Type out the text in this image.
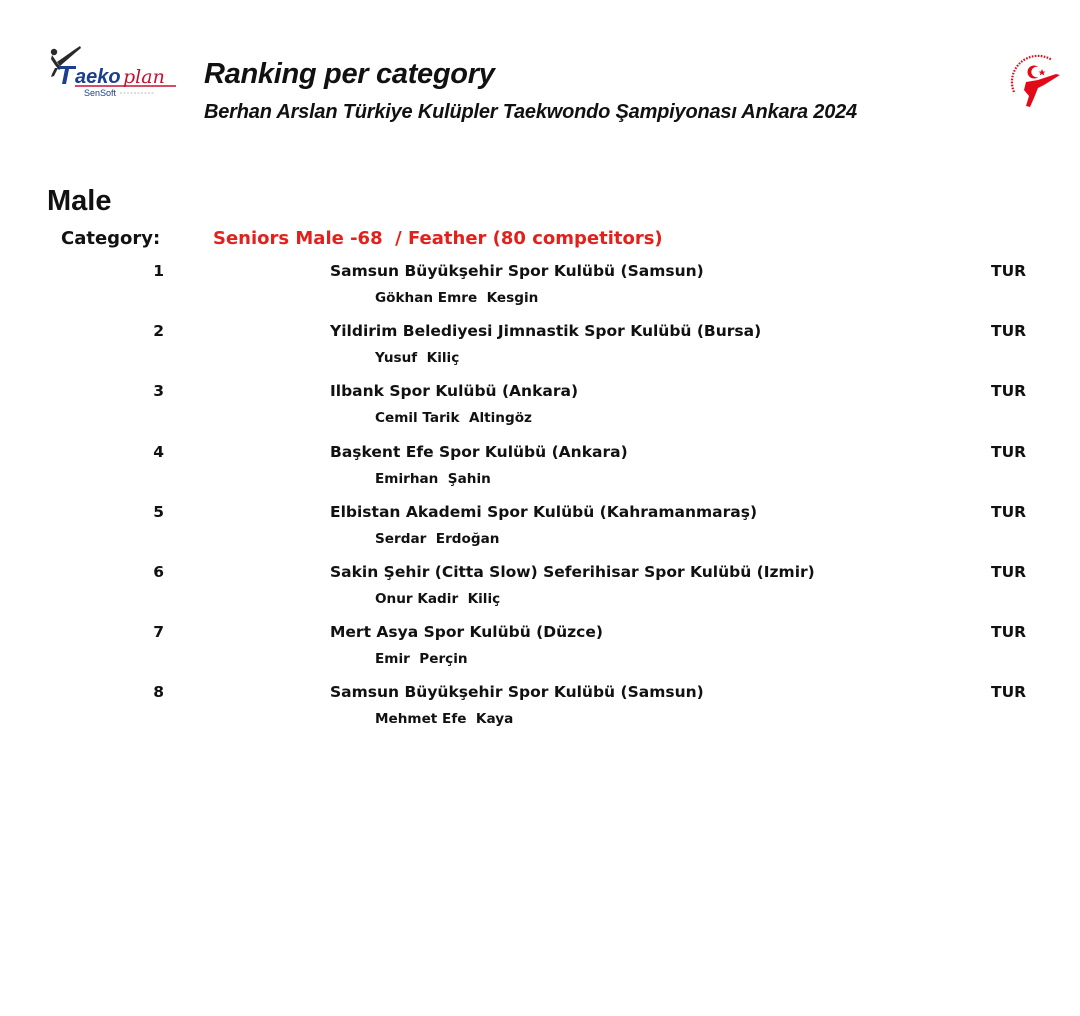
aeko plan
SenSoft
Ranking per category
Berhan Arslan Türkiye Kulüpler Taekwondo Şampiyonası Ankara 2024
Male
Category:	Seniors Male -68  / Feather (80 competitors)
1	Samsun Büyükşehir Spor Kulübü (Samsun)
Gökhan Emre  Kesgin
TUR
2	Yildirim Belediyesi Jimnastik Spor Kulübü (Bursa)
Yusuf  Kiliç
TUR
3	Ilbank Spor Kulübü (Ankara)
Cemil Tarik  Altingöz
TUR
4	Başkent Efe Spor Kulübü (Ankara)
Emirhan  Şahin
TUR
5	Elbistan Akademi Spor Kulübü (Kahramanmaraş)
Serdar  Erdoğan
TUR
6	Sakin Şehir (Citta Slow) Seferihisar Spor Kulübü (Izmir)
Onur Kadir  Kiliç
TUR
7	Mert Asya Spor Kulübü (Düzce)
Emir  Perçin
TUR
8	Samsun Büyükşehir Spor Kulübü (Samsun)
Mehmet Efe  Kaya
TUR
